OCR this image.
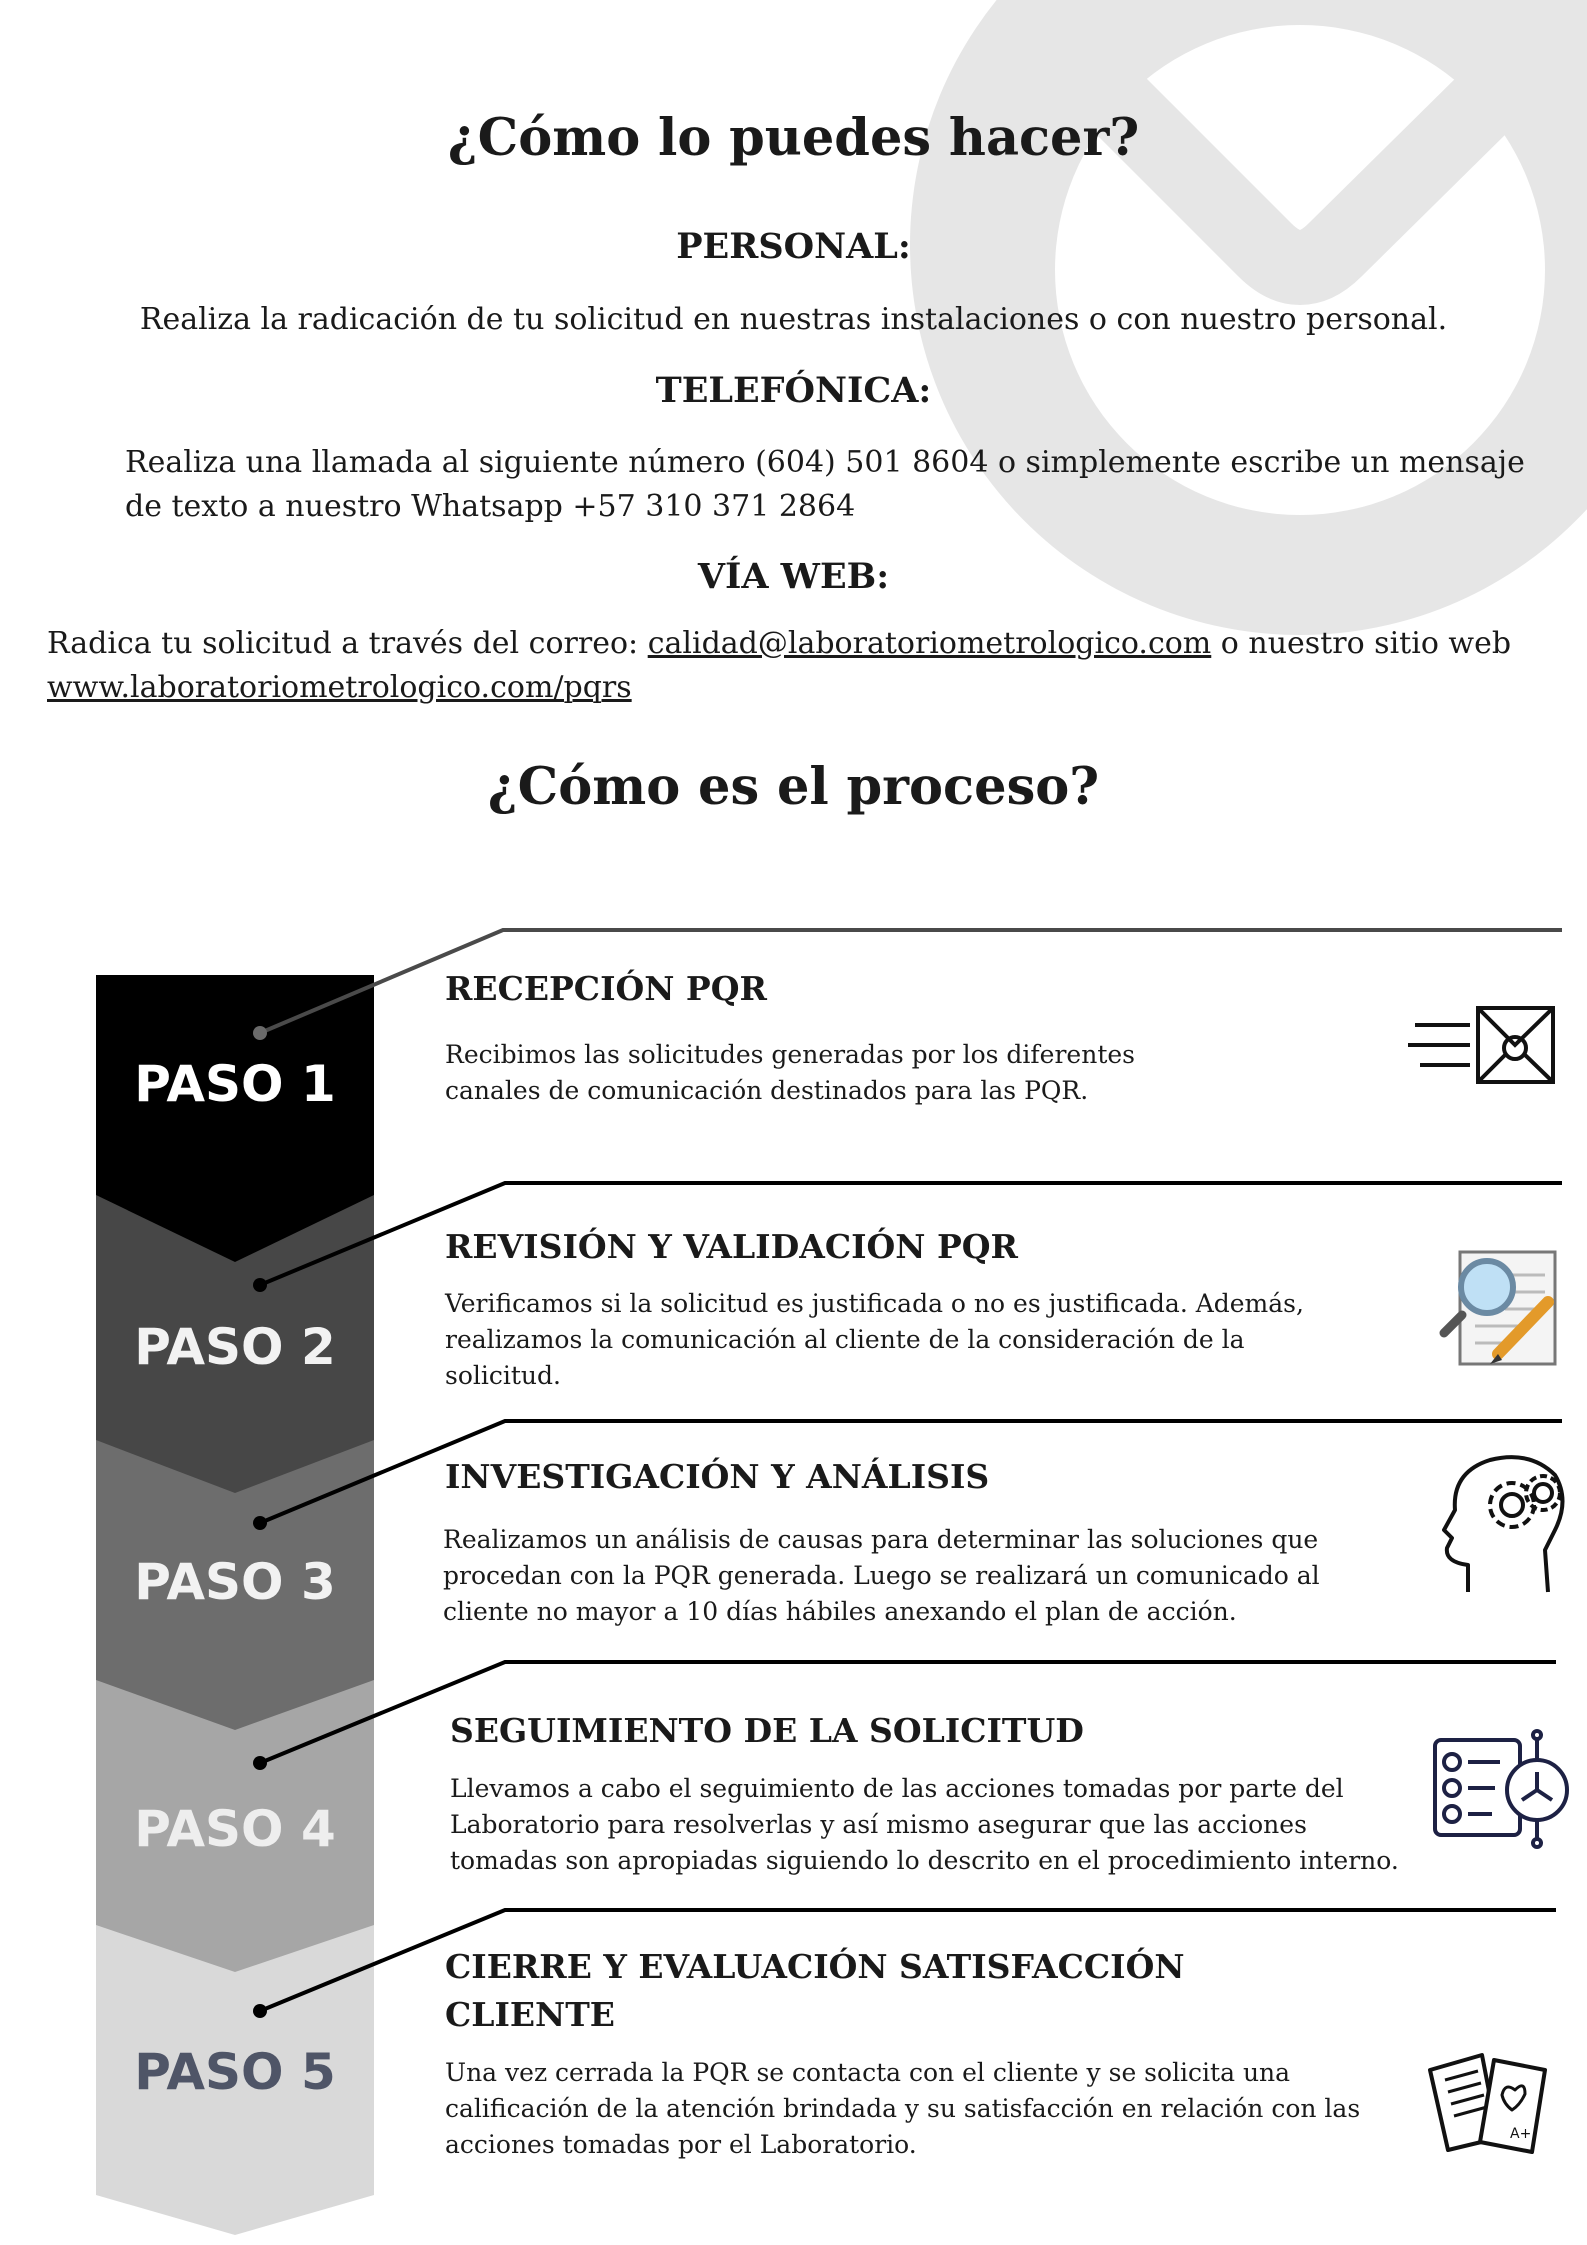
¿Cómo lo puedes hacer?
PERSONAL:
Realiza la radicación de tu solicitud en nuestras instalaciones o con nuestro personal.
TELEFÓNICA:
Realiza una llamada al siguiente número (604) 501 8604 o simplemente escribe un mensaje
de texto a nuestro Whatsapp +57 310 371 2864
VÍA WEB:
Radica tu solicitud a través del correo: calidad@laboratoriometrologico.com o nuestro sitio web
www.laboratoriometrologico.com/pqrs
¿Cómo es el proceso?
A+
PASO 1
PASO 2
PASO 3
PASO 4
PASO 5
RECEPCIÓN PQR
Recibimos las solicitudes generadas por los diferentes
canales de comunicación destinados para las PQR.
REVISIÓN Y VALIDACIÓN PQR
Verificamos si la solicitud es justificada o no es justificada. Además,
realizamos la comunicación al cliente de la consideración de la
solicitud.
INVESTIGACIÓN Y ANÁLISIS
Realizamos un análisis de causas para determinar las soluciones que
procedan con la PQR generada. Luego se realizará un comunicado al
cliente no mayor a 10 días hábiles anexando el plan de acción.
SEGUIMIENTO DE LA SOLICITUD
Llevamos a cabo el seguimiento de las acciones tomadas por parte del
Laboratorio para resolverlas y así mismo asegurar que las acciones
tomadas son apropiadas siguiendo lo descrito en el procedimiento interno.
CIERRE Y EVALUACIÓN SATISFACCIÓN
CLIENTE
Una vez cerrada la PQR se contacta con el cliente y se solicita una
calificación de la atención brindada y su satisfacción en relación con las
acciones tomadas por el Laboratorio.
